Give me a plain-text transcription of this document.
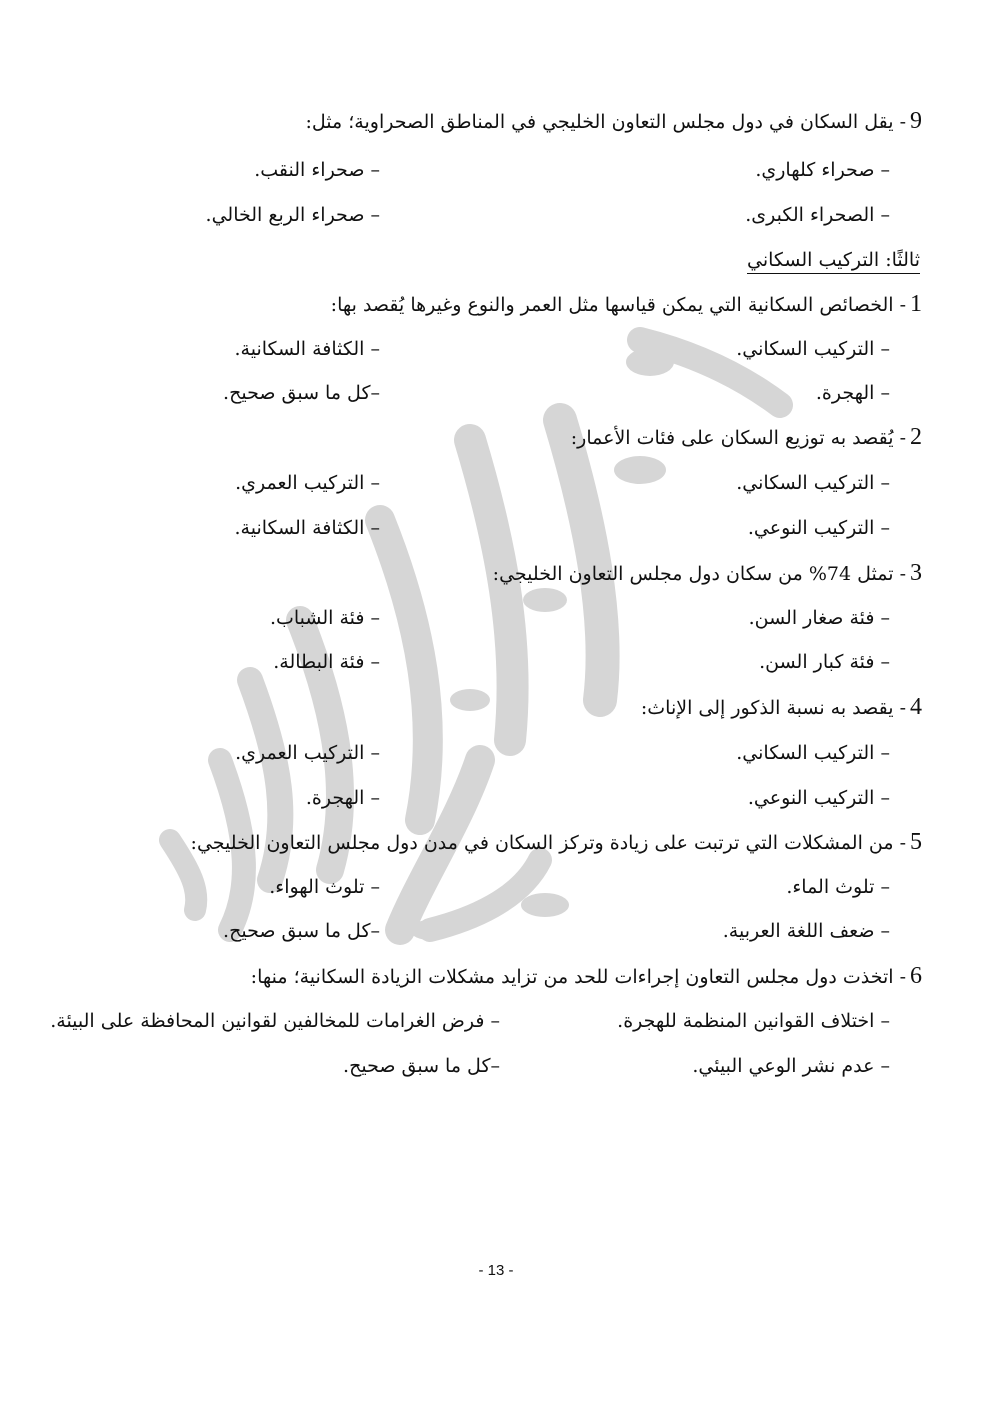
9- يقل السكان في دول مجلس التعاون الخليجي في المناطق الصحراوية؛ مثل:
– صحراء كلهاري.
– صحراء النقب.
– الصحراء الكبرى.
– صحراء الربع الخالي.
ثالثًا: التركيب السكاني
1- الخصائص السكانية التي يمكن قياسها مثل العمر والنوع وغيرها يُقصد بها:
– التركيب السكاني.
– الكثافة السكانية.
– الهجرة.
–كل ما سبق صحيح.
2- يُقصد به توزيع السكان على فئات الأعمار:
– التركيب السكاني.
– التركيب العمري.
– التركيب النوعي.
– الكثافة السكانية.
3- تمثل 74% من سكان دول مجلس التعاون الخليجي:
– فئة صغار السن.
– فئة الشباب.
– فئة كبار السن.
– فئة البطالة.
4- يقصد به نسبة الذكور إلى الإناث:
– التركيب السكاني.
– التركيب العمري.
– التركيب النوعي.
– الهجرة.
5- من المشكلات التي ترتبت على زيادة وتركز السكان في مدن دول مجلس التعاون الخليجي:
– تلوث الماء.
– تلوث الهواء.
– ضعف اللغة العربية.
–كل ما سبق صحيح.
6- اتخذت دول مجلس التعاون إجراءات للحد من تزايد مشكلات الزيادة السكانية؛ منها:
– اختلاف القوانين المنظمة للهجرة.
– فرض الغرامات للمخالفين لقوانين المحافظة على البيئة.
– عدم نشر الوعي البيئي.
–كل ما سبق صحيح.
- 13 -
